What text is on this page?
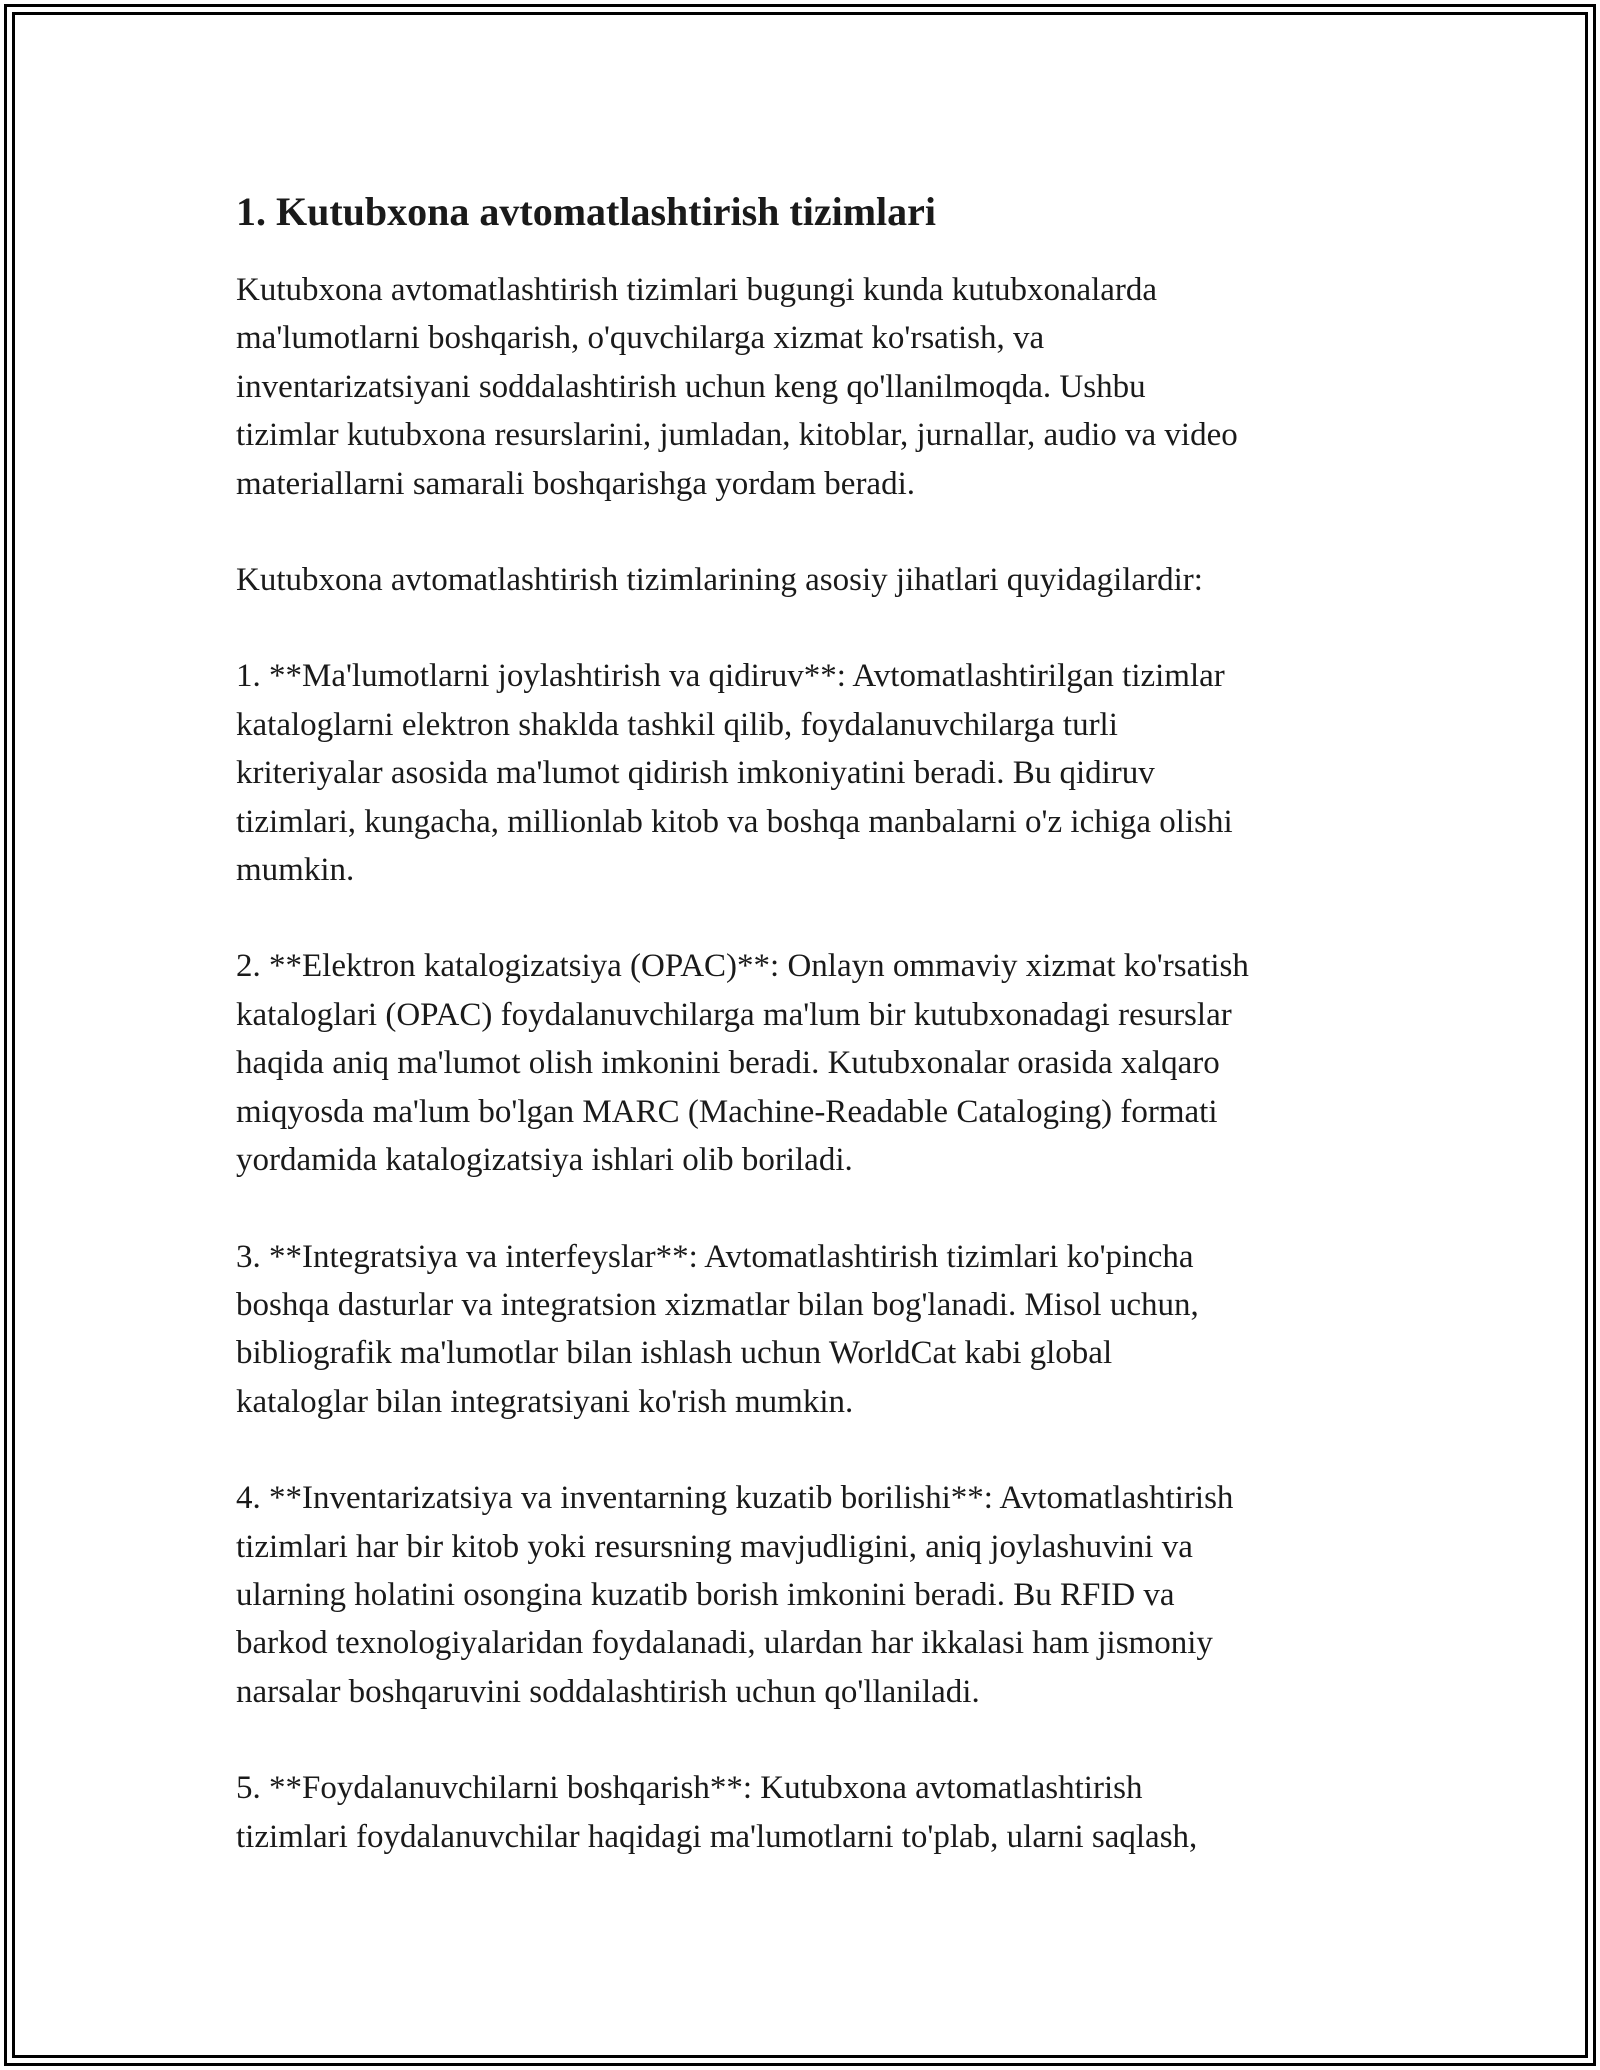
1. Kutubxona avtomatlashtirish tizimlari

Kutubxona avtomatlashtirish tizimlari bugungi kunda kutubxonalarda
ma'lumotlarni boshqarish, o'quvchilarga xizmat ko'rsatish, va
inventarizatsiyani soddalashtirish uchun keng qo'llanilmoqda. Ushbu
tizimlar kutubxona resurslarini, jumladan, kitoblar, jurnallar, audio va video
materiallarni samarali boshqarishga yordam beradi.

Kutubxona avtomatlashtirish tizimlarining asosiy jihatlari quyidagilardir:

1. **Ma'lumotlarni joylashtirish va qidiruv**: Avtomatlashtirilgan tizimlar
kataloglarni elektron shaklda tashkil qilib, foydalanuvchilarga turli
kriteriyalar asosida ma'lumot qidirish imkoniyatini beradi. Bu qidiruv
tizimlari, kungacha, millionlab kitob va boshqa manbalarni o'z ichiga olishi
mumkin.

2. **Elektron katalogizatsiya (OPAC)**: Onlayn ommaviy xizmat ko'rsatish
kataloglari (OPAC) foydalanuvchilarga ma'lum bir kutubxonadagi resurslar
haqida aniq ma'lumot olish imkonini beradi. Kutubxonalar orasida xalqaro
miqyosda ma'lum bo'lgan MARC (Machine-Readable Cataloging) formati
yordamida katalogizatsiya ishlari olib boriladi.

3. **Integratsiya va interfeyslar**: Avtomatlashtirish tizimlari ko'pincha
boshqa dasturlar va integratsion xizmatlar bilan bog'lanadi. Misol uchun,
bibliografik ma'lumotlar bilan ishlash uchun WorldCat kabi global
kataloglar bilan integratsiyani ko'rish mumkin.

4. **Inventarizatsiya va inventarning kuzatib borilishi**: Avtomatlashtirish
tizimlari har bir kitob yoki resursning mavjudligini, aniq joylashuvini va
ularning holatini osongina kuzatib borish imkonini beradi. Bu RFID va
barkod texnologiyalaridan foydalanadi, ulardan har ikkalasi ham jismoniy
narsalar boshqaruvini soddalashtirish uchun qo'llaniladi.

5. **Foydalanuvchilarni boshqarish**: Kutubxona avtomatlashtirish
tizimlari foydalanuvchilar haqidagi ma'lumotlarni to'plab, ularni saqlash,
